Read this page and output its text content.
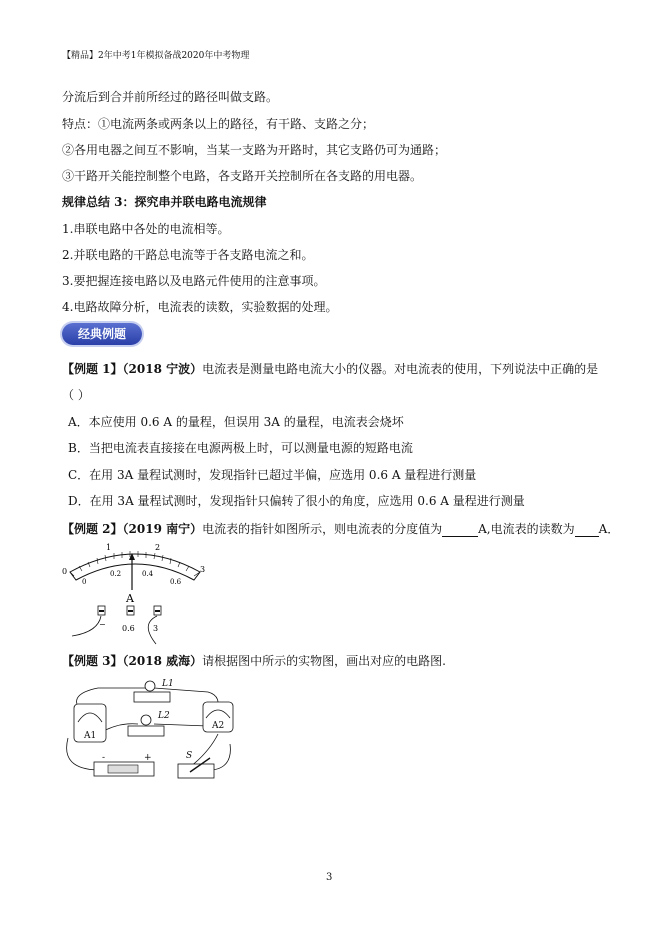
【精品】2年中考1年模拟备战2020年中考物理
分流后到合并前所经过的路径叫做支路。
特点：①电流两条或两条以上的路径，有干路、支路之分；
②各用电器之间互不影响，当某一支路为开路时，其它支路仍可为通路；
③干路开关能控制整个电路，各支路开关控制所在各支路的用电器。
规律总结 3：探究串并联电路电流规律
1.串联电路中各处的电流相等。
2.并联电路的干路总电流等于各支路电流之和。
3.要把握连接电路以及电路元件使用的注意事项。
4.电路故障分析，电流表的读数，实验数据的处理。
经典例题
【例题 1】（2018 宁波）电流表是测量电路电流大小的仪器。对电流表的使用，下列说法中正确的是
（ ）
A．本应使用 0.6 A 的量程，但误用 3A 的量程，电流表会烧坏
B．当把电流表直接接在电源两极上时，可以测量电源的短路电流
C．在用 3A 量程试测时，发现指针已超过半偏，应选用 0.6 A 量程进行测量
D．在用 3A 量程试测时，发现指针只偏转了很小的角度，应选用 0.6 A 量程进行测量
【例题 2】（2019 南宁）电流表的指针如图所示，则电流表的分度值为	A,电流表的读数为 A．
0
1	2
3
0
0.2	0.4
0.6
A
− 0.6 3
【例题 3】（2018 威海）请根据图中所示的实物图，画出对应的电路图.
L1
L2
A1
A2
S
-	+
3
